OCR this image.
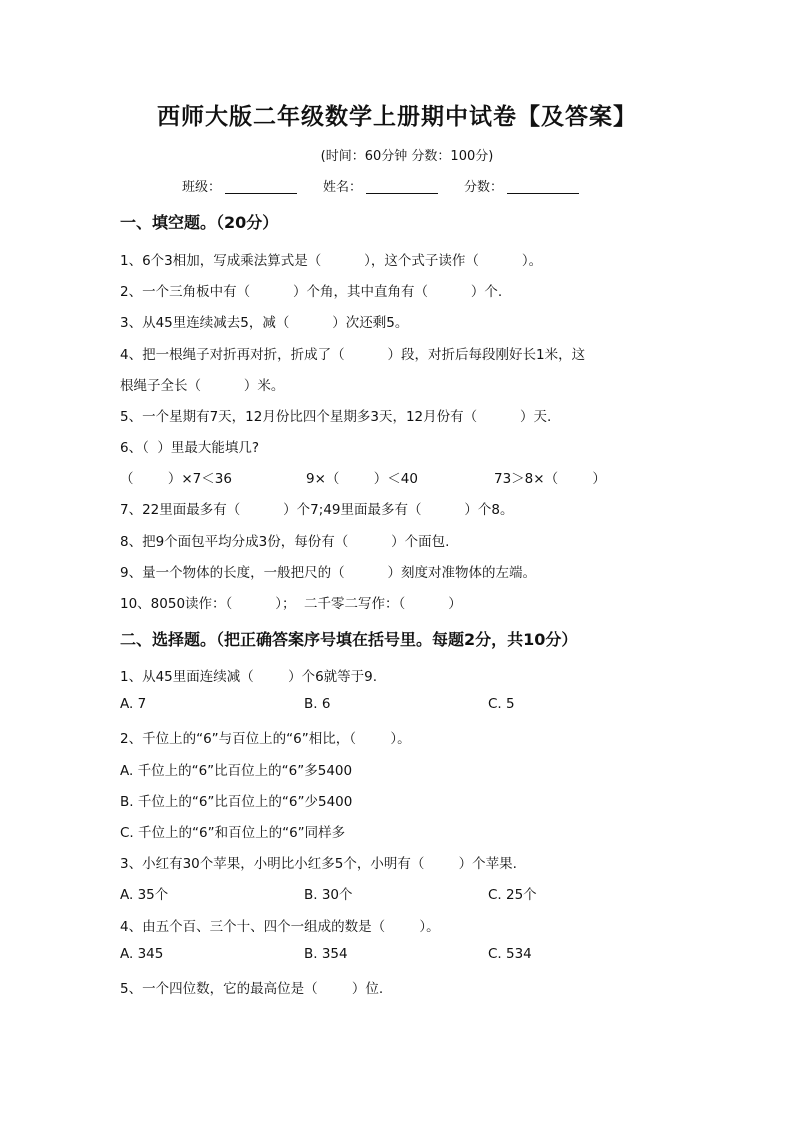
西师大版二年级数学上册期中试卷【及答案】
(时间：60分钟 分数：100分)
班级：	姓名：	分数：
一、填空题。（20分）
1、6个3相加，写成乘法算式是（          ），这个式子读作（          ）。
2、一个三角板中有（          ）个角，其中直角有（          ）个.
3、从45里连续减去5，减（          ）次还剩5。
4、把一根绳子对折再对折，折成了（          ）段，对折后每段刚好长1米，这
根绳子全长（          ）米。
5、一个星期有7天，12月份比四个星期多3天，12月份有（          ）天.
6、（  ）里最大能填几?
（        ）×7＜36	9×（        ）＜40	73＞8×（        ）
7、22里面最多有（          ）个7;49里面最多有（          ）个8。
8、把9个面包平均分成3份，每份有（          ）个面包.
9、量一个物体的长度，一般把尺的（          ）刻度对准物体的左端。
10、8050读作：（          ）；  二千零二写作：（          ）
二、选择题。（把正确答案序号填在括号里。每题2分，共10分）
1、从45里面连续减（        ）个6就等于9.
A. 7	B. 6	C. 5
2、千位上的“6”与百位上的“6”相比，（        ）。
A. 千位上的“6”比百位上的“6”多5400
B. 千位上的“6”比百位上的“6”少5400
C. 千位上的“6”和百位上的“6”同样多
3、小红有30个苹果，小明比小红多5个，小明有（        ）个苹果.
A. 35个	B. 30个	C. 25个
4、由五个百、三个十、四个一组成的数是（        ）。
A. 345	B. 354	C. 534
5、一个四位数，它的最高位是（        ）位.
